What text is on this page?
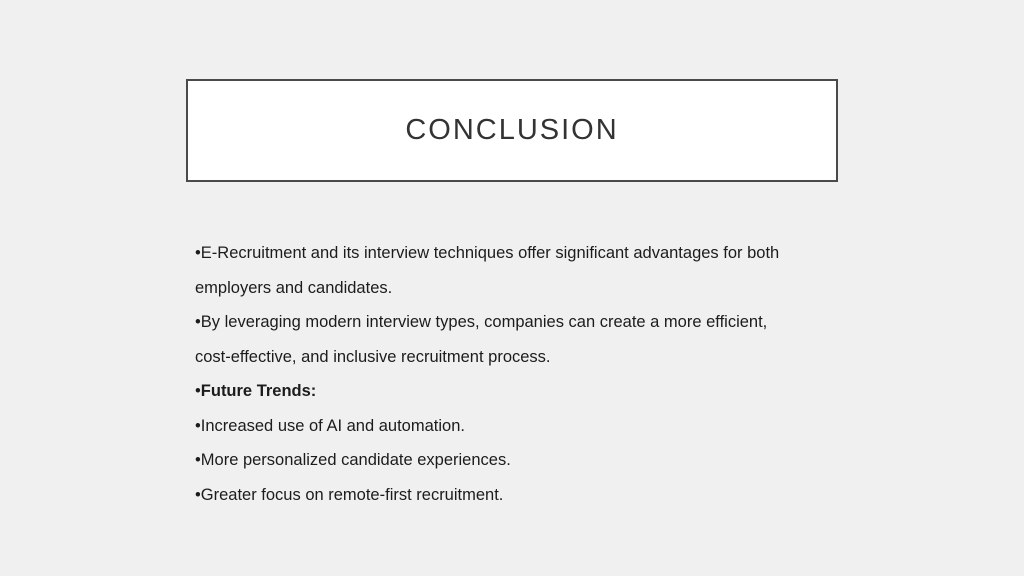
CONCLUSION

•E-Recruitment and its interview techniques offer significant advantages for both

employers and candidates.

•By leveraging modern interview types, companies can create a more efficient,

cost-effective, and inclusive recruitment process.

•Future Trends:

•Increased use of AI and automation.

•More personalized candidate experiences.

•Greater focus on remote-first recruitment.
